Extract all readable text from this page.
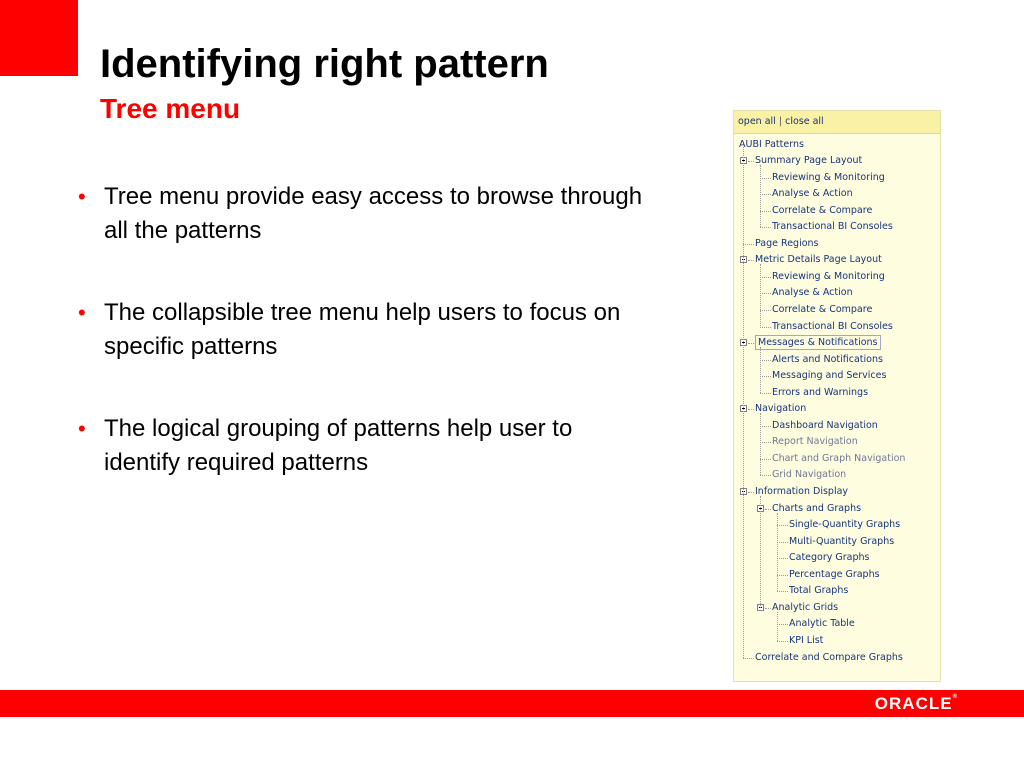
Identifying right pattern
Tree menu
• Tree menu provide easy access to browse through all the patterns
• The collapsible tree menu help users to focus on specific patterns
• The logical grouping of patterns help user to identify required patterns
open all | close all
AUBI Patterns
Summary Page Layout
Reviewing & Monitoring
Analyse & Action
Correlate & Compare
Transactional BI Consoles
Page Regions
Metric Details Page Layout
Reviewing & Monitoring
Analyse & Action
Correlate & Compare
Transactional BI Consoles
Messages & Notifications
Alerts and Notifications
Messaging and Services
Errors and Warnings
Navigation
Dashboard Navigation
Report Navigation
Chart and Graph Navigation
Grid Navigation
Information Display
Charts and Graphs
Single-Quantity Graphs
Multi-Quantity Graphs
Category Graphs
Percentage Graphs
Total Graphs
Analytic Grids
Analytic Table
KPI List
Correlate and Compare Graphs
ORACLE®
